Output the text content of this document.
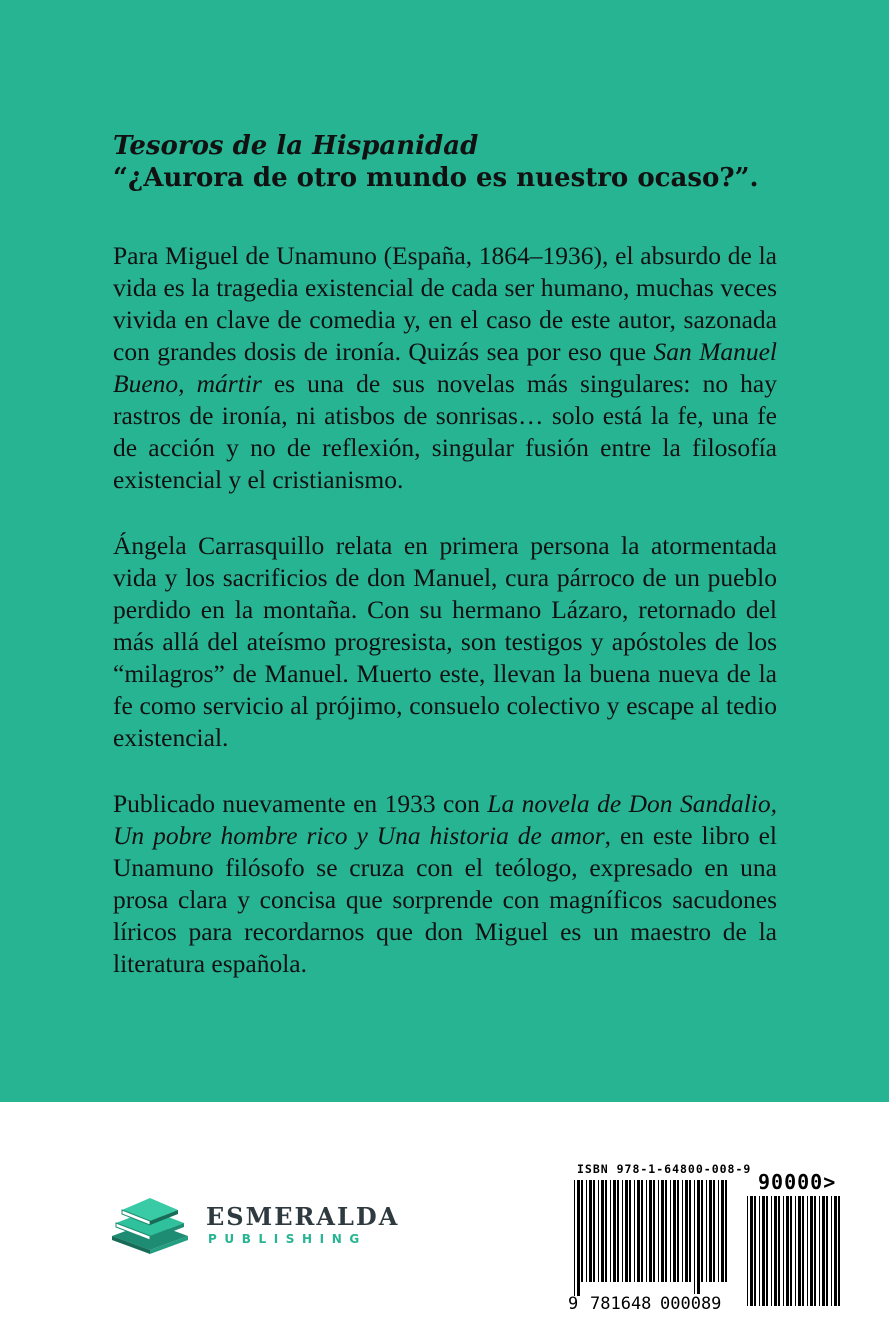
Tesoros de la Hispanidad

“¿Aurora de otro mundo es nuestro ocaso?”.

Para Miguel de Unamuno (España, 1864–1936), el absurdo de la vida es la tragedia existencial de cada ser humano, muchas veces vivida en clave de comedia y, en el caso de este autor, sazonada con grandes dosis de ironía. Quizás sea por eso que San Manuel Bueno, mártir es una de sus novelas más singulares: no hay rastros de ironía, ni atisbos de sonrisas… solo está la fe, una fe de acción y no de reflexión, singular fusión entre la filosofía existencial y el cristianismo.

Ángela Carrasquillo relata en primera persona la atormentada vida y los sacrificios de don Manuel, cura párroco de un pueblo perdido en la montaña. Con su hermano Lázaro, retornado del más allá del ateísmo progresista, son testigos y apóstoles de los “milagros” de Manuel. Muerto este, llevan la buena nueva de la fe como servicio al prójimo, consuelo colectivo y escape al tedio existencial.

Publicado nuevamente en 1933 con La novela de Don Sandalio, Un pobre hombre rico y Una historia de amor, en este libro el Unamuno filósofo se cruza con el teólogo, expresado en una prosa clara y concisa que sorprende con magníficos sacudones líricos para recordarnos que don Miguel es un maestro de la literatura española.

ESMERALDA
PUBLISHING
ISBN 978-1-64800-008-9
9 781648 000089
90000>
